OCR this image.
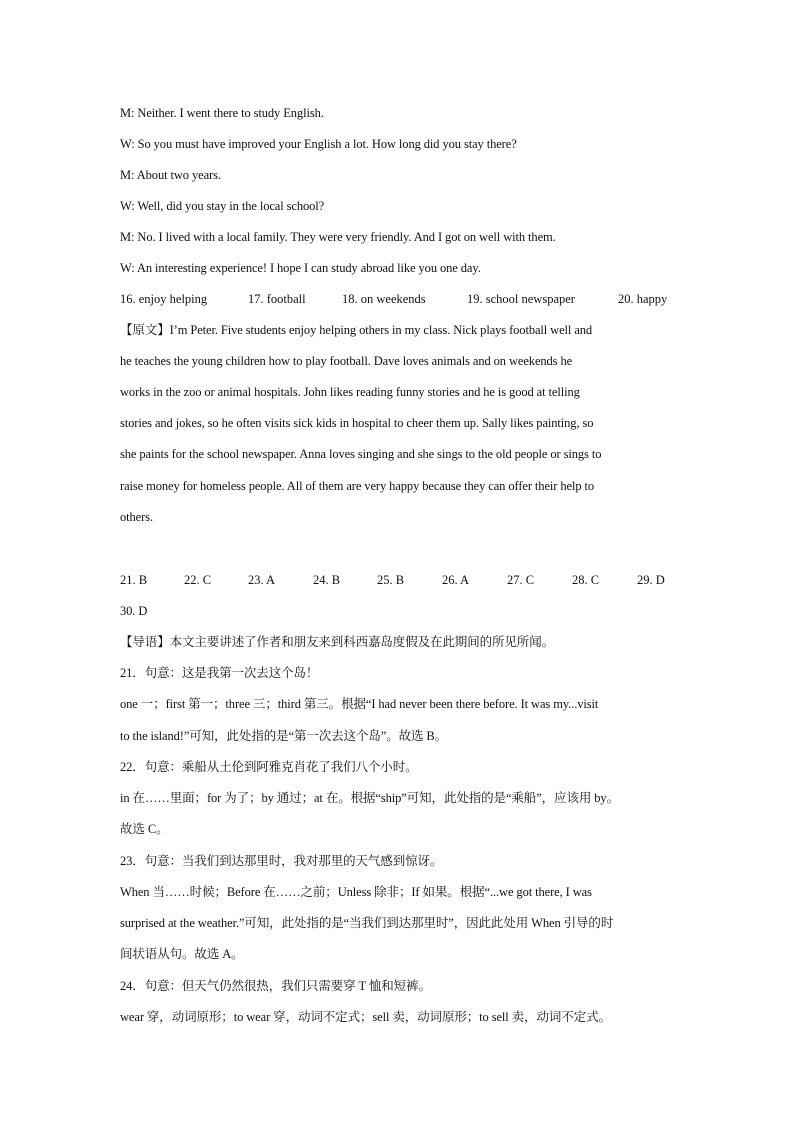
M: Neither. I went there to study English.
W: So you must have improved your English a lot. How long did you stay there?
M: About two years.
W: Well, did you stay in the local school?
M: No. I lived with a local family. They were very friendly. And I got on well with them.
W: An interesting experience! I hope I can study abroad like you one day.
16. enjoy helping	17. football	18. on weekends	19. school newspaper	20. happy
【原文】I’m Peter. Five students enjoy helping others in my class. Nick plays football well and
he teaches the young children how to play football. Dave loves animals and on weekends he
works in the zoo or animal hospitals. John likes reading funny stories and he is good at telling
stories and jokes, so he often visits sick kids in hospital to cheer them up. Sally likes painting, so
she paints for the school newspaper. Anna loves singing and she sings to the old people or sings to
raise money for homeless people. All of them are very happy because they can offer their help to
others.
21. B	22. C	23. A	24. B	25. B	26. A	27. C	28. C	29. D
30. D
【导语】本文主要讲述了作者和朋友来到科西嘉岛度假及在此期间的所见所闻。
21．句意：这是我第一次去这个岛！
one 一；first 第一；three 三；third 第三。根据“I had never been there before. It was my...visit
to the island!”可知，此处指的是“第一次去这个岛”。故选 B。
22．句意：乘船从土伦到阿雅克肖花了我们八个小时。
in 在……里面；for 为了；by 通过；at 在。根据“ship”可知，此处指的是“乘船”，应该用 by。
故选 C。
23．句意：当我们到达那里时，我对那里的天气感到惊讶。
When 当……时候；Before 在……之前；Unless 除非；If 如果。根据“...we got there, I was
surprised at the weather.”可知，此处指的是“当我们到达那里时”，因此此处用 When 引导的时
间状语从句。故选 A。
24．句意：但天气仍然很热，我们只需要穿 T 恤和短裤。
wear 穿，动词原形；to wear 穿，动词不定式；sell 卖，动词原形；to sell 卖，动词不定式。
